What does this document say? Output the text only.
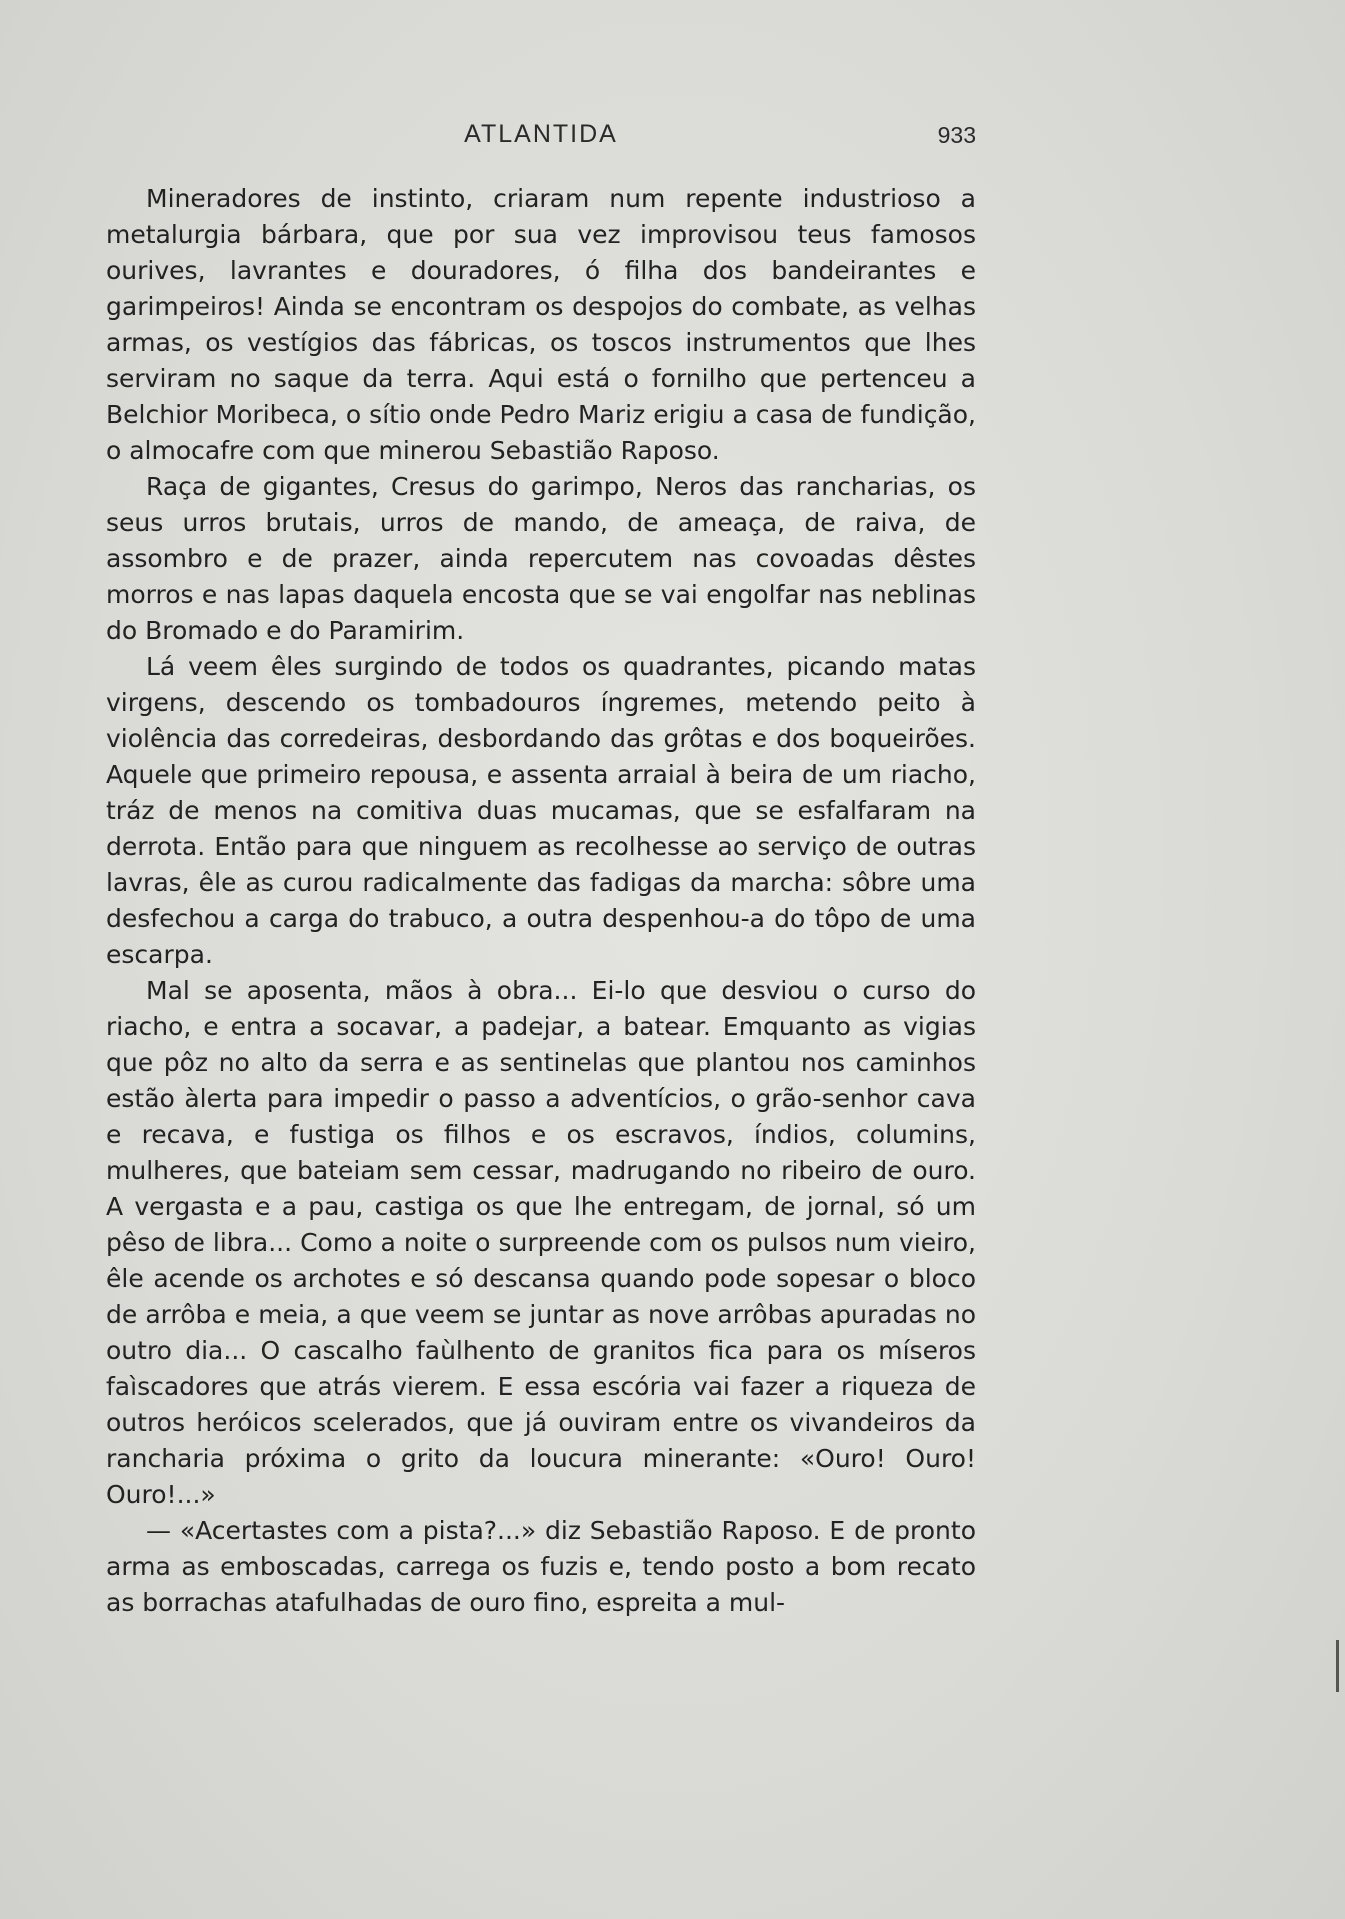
ATLANTIDA	933

Mineradores de instinto, criaram num repente industrioso a metalurgia bárbara, que por sua vez improvisou teus famosos ourives, lavrantes e douradores, ó filha dos bandeirantes e garimpeiros! Ainda se encontram os despojos do combate, as velhas armas, os vestígios das fábricas, os toscos instrumentos que lhes serviram no saque da terra. Aqui está o fornilho que pertenceu a Belchior Moribeca, o sítio onde Pedro Mariz erigiu a casa de fundição, o almocafre com que minerou Sebastião Raposo.

Raça de gigantes, Cresus do garimpo, Neros das rancharias, os seus urros brutais, urros de mando, de ameaça, de raiva, de assombro e de prazer, ainda repercutem nas covoadas dêstes morros e nas lapas daquela encosta que se vai engolfar nas neblinas do Bromado e do Paramirim.

Lá veem êles surgindo de todos os quadrantes, picando matas virgens, descendo os tombadouros íngremes, metendo peito à violência das corredeiras, desbordando das grôtas e dos boqueirões. Aquele que primeiro repousa, e assenta arraial à beira de um riacho, tráz de menos na comitiva duas mucamas, que se esfalfaram na derrota. Então para que ninguem as recolhesse ao serviço de outras lavras, êle as curou radicalmente das fadigas da marcha: sôbre uma desfechou a carga do trabuco, a outra despenhou-a do tôpo de uma escarpa.

Mal se aposenta, mãos à obra... Ei-lo que desviou o curso do riacho, e entra a socavar, a padejar, a batear. Emquanto as vigias que pôz no alto da serra e as sentinelas que plantou nos caminhos estão àlerta para impedir o passo a adventícios, o grão-senhor cava e recava, e fustiga os filhos e os escravos, índios, columins, mulheres, que bateiam sem cessar, madrugando no ribeiro de ouro. A vergasta e a pau, castiga os que lhe entregam, de jornal, só um pêso de libra... Como a noite o surpreende com os pulsos num vieiro, êle acende os archotes e só descansa quando pode sopesar o bloco de arrôba e meia, a que veem se juntar as nove arrôbas apuradas no outro dia... O cascalho faùlhento de granitos fica para os míseros faìscadores que atrás vierem. E essa escória vai fazer a riqueza de outros heróicos scelerados, que já ouviram entre os vivandeiros da rancharia próxima o grito da loucura minerante: «Ouro! Ouro! Ouro!...»

— «Acertastes com a pista?...» diz Sebastião Raposo. E de pronto arma as emboscadas, carrega os fuzis e, tendo posto a bom recato as borrachas atafulhadas de ouro fino, espreita a mul-
